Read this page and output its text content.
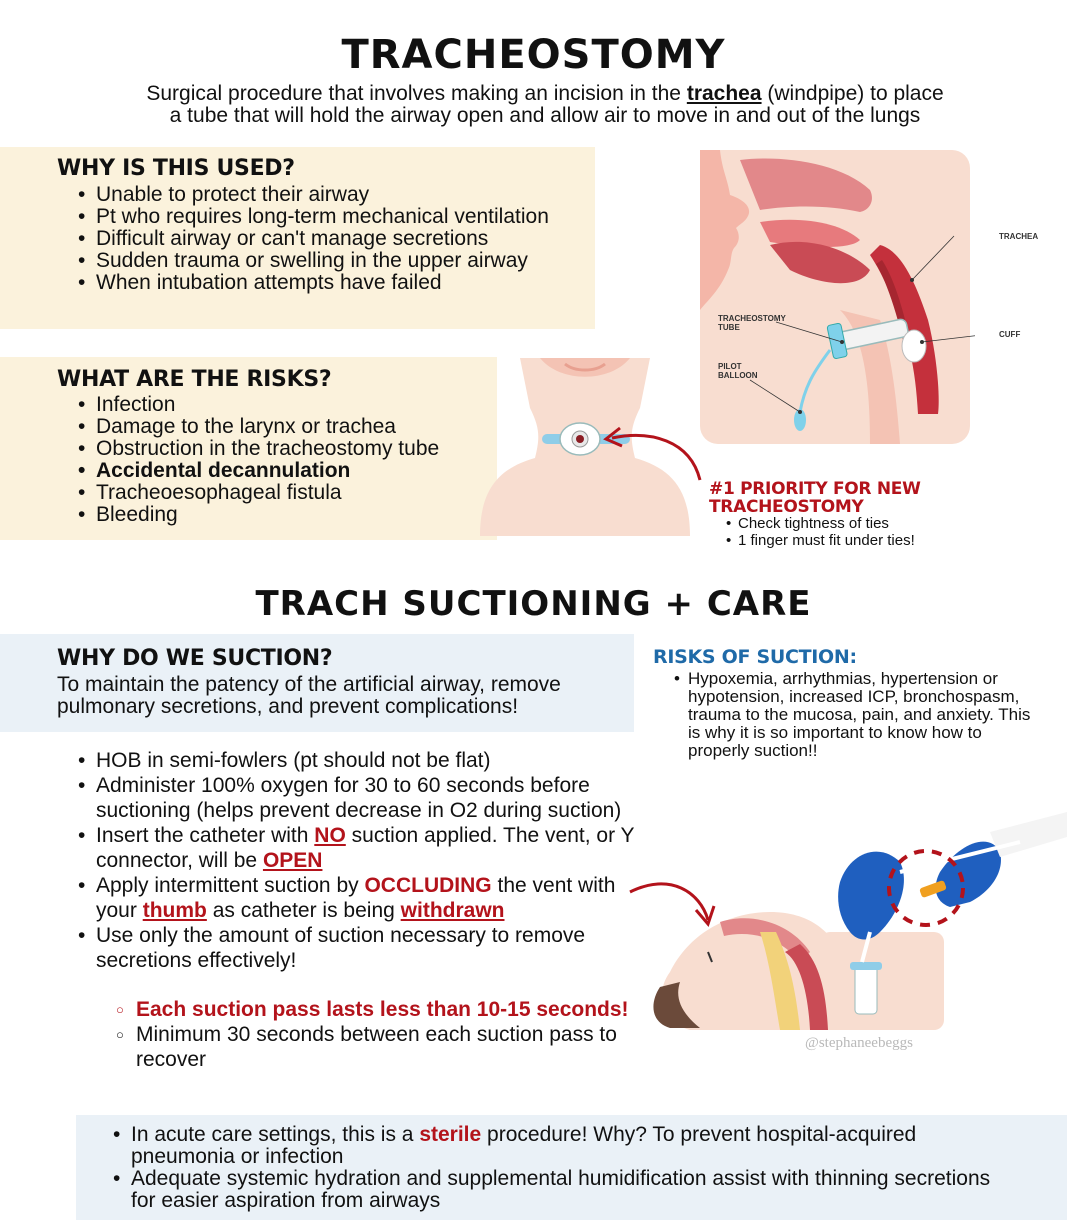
TRACHEOSTOMY
Surgical procedure that involves making an incision in the trachea (windpipe) to place
a tube that will hold the airway open and allow air to move in and out of the lungs
WHY IS THIS USED?
• Unable to protect their airway
• Pt who requires long-term mechanical ventilation
• Difficult airway or can't manage secretions
• Sudden trauma or swelling in the upper airway
• When intubation attempts have failed
TRACHEA
TRACHEOSTOMY TUBE
CUFF
PILOT BALLOON
WHAT ARE THE RISKS?
• Infection
• Damage to the larynx or trachea
• Obstruction in the tracheostomy tube
• Accidental decannulation
• Tracheoesophageal fistula
• Bleeding
#1 PRIORITY FOR NEW
TRACHEOSTOMY
• Check tightness of ties
• 1 finger must fit under ties!
TRACH SUCTIONING + CARE
WHY DO WE SUCTION?
To maintain the patency of the artificial airway, remove pulmonary secretions, and prevent complications!
RISKS OF SUCTION:
• Hypoxemia, arrhythmias, hypertension or hypotension, increased ICP, bronchospasm, trauma to the mucosa, pain, and anxiety. This is why it is so important to know how to properly suction!!
• HOB in semi-fowlers (pt should not be flat)
• Administer 100% oxygen for 30 to 60 seconds before suctioning (helps prevent decrease in O2 during suction)
• Insert the catheter with NO suction applied. The vent, or Y connector, will be OPEN
• Apply intermittent suction by OCCLUDING the vent with your thumb as catheter is being withdrawn
• Use only the amount of suction necessary to remove secretions effectively!
○ Each suction pass lasts less than 10-15 seconds!
○ Minimum 30 seconds between each suction pass to recover
@stephaneebeggs
• In acute care settings, this is a sterile procedure! Why? To prevent hospital-acquired pneumonia or infection
• Adequate systemic hydration and supplemental humidification assist with thinning secretions for easier aspiration from airways
